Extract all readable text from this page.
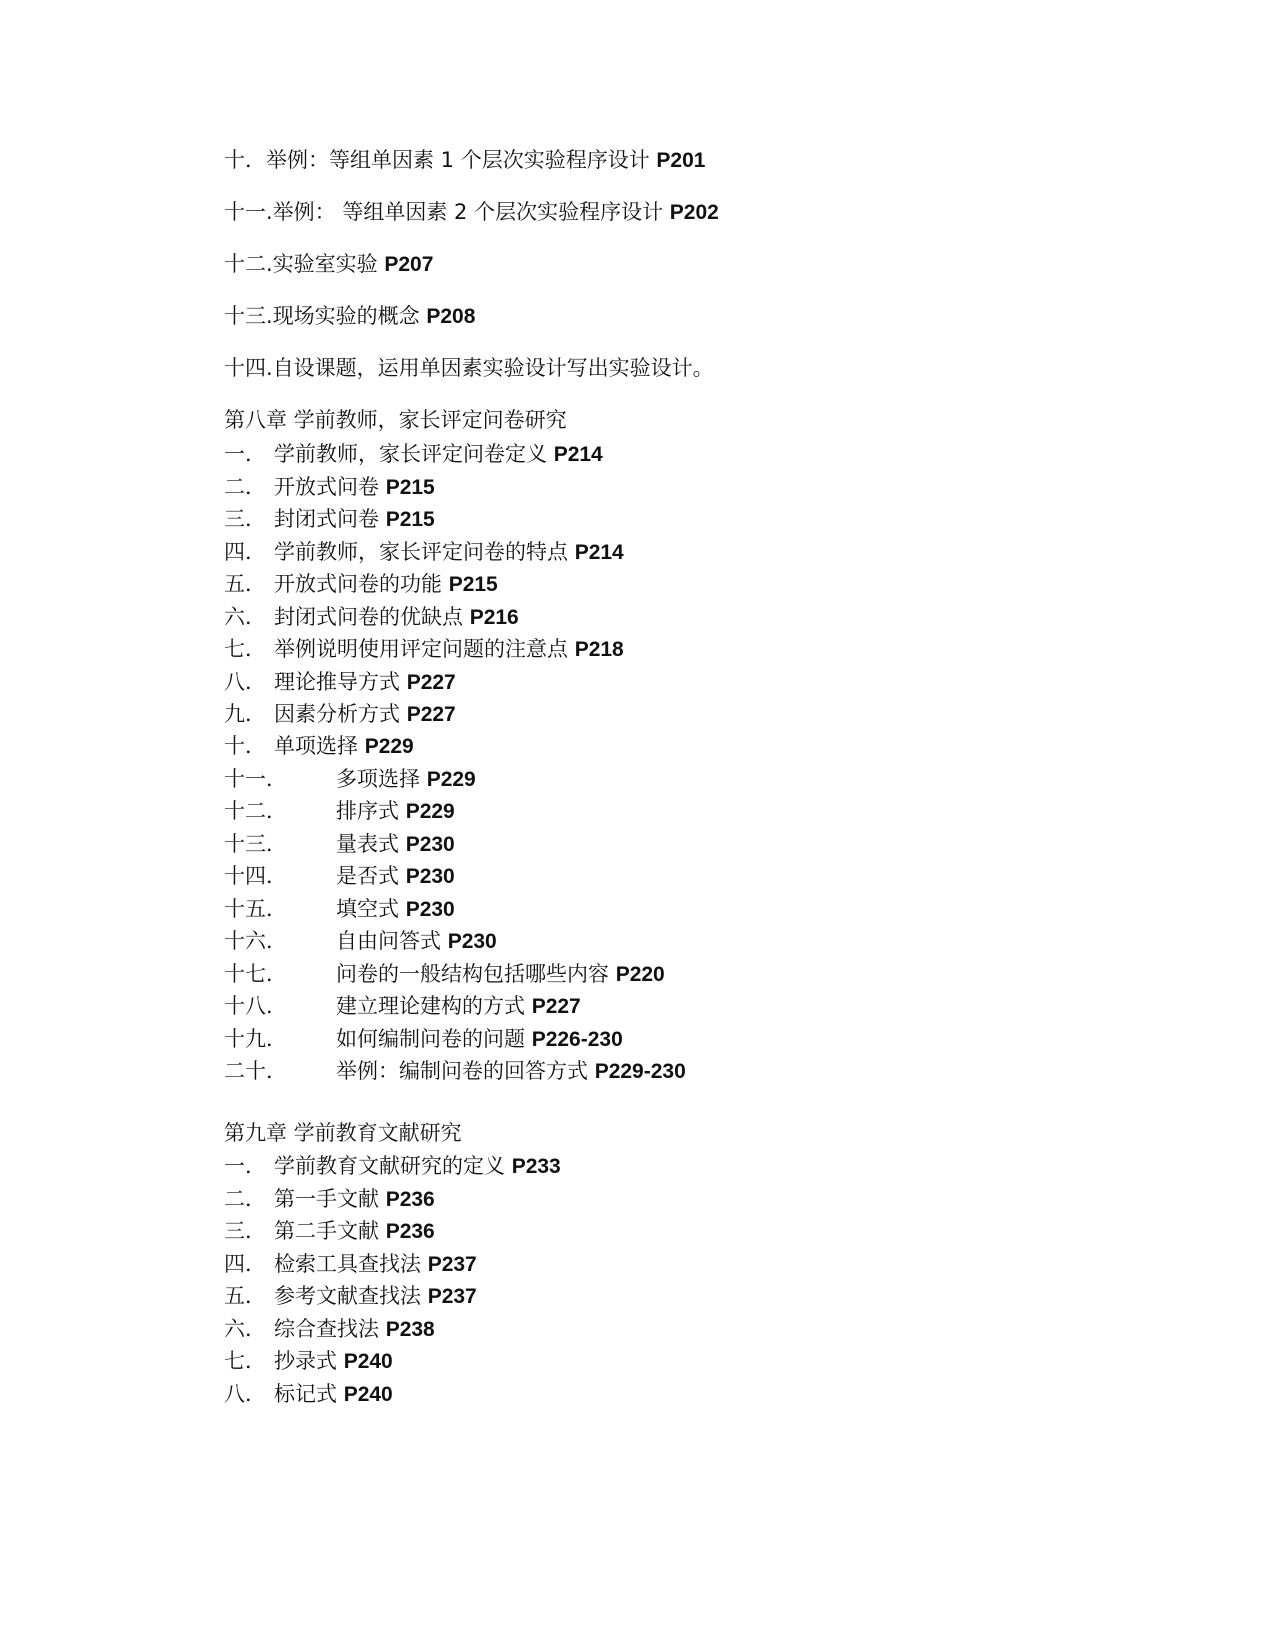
十．举例：等组单因素 1 个层次实验程序设计 P201
十一.举例： 等组单因素 2 个层次实验程序设计 P202
十二.实验室实验 P207
十三.现场实验的概念 P208
十四.自设课题，运用单因素实验设计写出实验设计。
第八章 学前教师，家长评定问卷研究
一． 学前教师，家长评定问卷定义 P214
二． 开放式问卷 P215
三． 封闭式问卷 P215
四． 学前教师，家长评定问卷的特点 P214
五． 开放式问卷的功能 P215
六． 封闭式问卷的优缺点 P216
七． 举例说明使用评定问题的注意点 P218
八． 理论推导方式 P227
九． 因素分析方式 P227
十． 单项选择 P229
十一． 多项选择 P229
十二． 排序式 P229
十三． 量表式 P230
十四． 是否式 P230
十五． 填空式 P230
十六． 自由问答式 P230
十七． 问卷的一般结构包括哪些内容 P220
十八． 建立理论建构的方式 P227
十九． 如何编制问卷的问题 P226-230
二十． 举例：编制问卷的回答方式 P229-230
第九章 学前教育文献研究
一． 学前教育文献研究的定义 P233
二． 第一手文献 P236
三． 第二手文献 P236
四． 检索工具查找法 P237
五． 参考文献查找法 P237
六． 综合查找法 P238
七． 抄录式 P240
八． 标记式 P240
